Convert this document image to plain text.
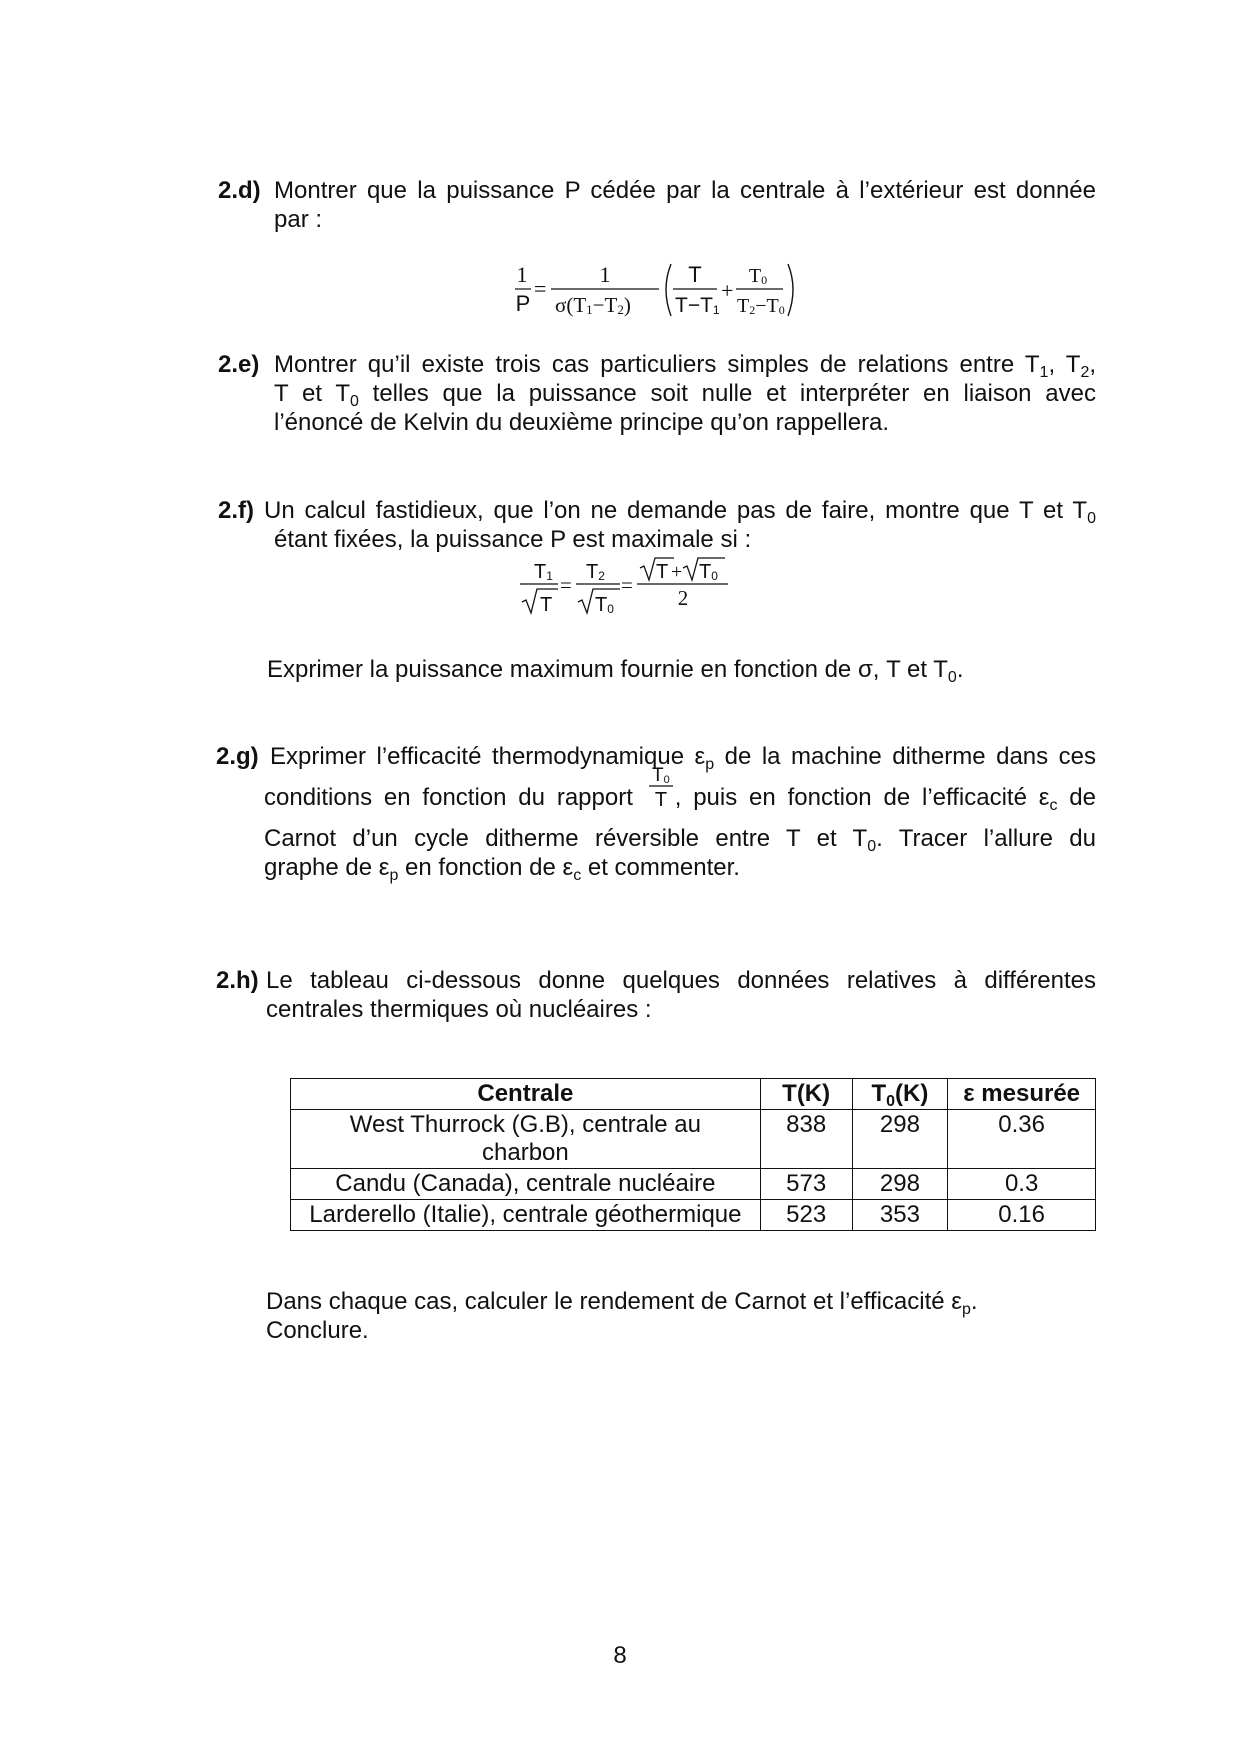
2.d) Montrer que la puissance P cédée par la centrale à l’extérieur est donnée
par :
1
P
=
1
σ(T1−T2)
T
T−T1
+
T0
T2−T0
2.e) Montrer qu’il existe trois cas particuliers simples de relations entre $T_1$, $T_2$,
T et $T_0$ telles que la puissance soit nulle et interpréter en liaison avec
l’énoncé de Kelvin du deuxième principe qu’on rappellera.
2.f) Un calcul fastidieux, que l’on ne demande pas de faire, montre que T et $T_0$
étant fixées, la puissance P est maximale si :
T1
T
=
T2
T0
=
T + T0
2
Exprimer la puissance maximum fournie en fonction de σ, T et $T_0$.
2.g) Exprimer l’efficacité thermodynamique $\varepsilon_p$ de la machine ditherme dans ces
conditions en fonction du rapport
T0
T , puis en fonction de l’efficacité $\varepsilon_c$ de
Carnot d’un cycle ditherme réversible entre T et $T_0$. Tracer l’allure du
graphe de $\varepsilon_p$ en fonction de $\varepsilon_c$ et commenter.
2.h) Le tableau ci-dessous donne quelques données relatives à différentes
centrales thermiques où nucléaires :
Centrale	T(K)	$T_0(K)$	ε mesurée
West Thurrock (G.B), centrale au
charbon	838	298	0.36
Candu (Canada), centrale nucléaire	573	298	0.3
Larderello (Italie), centrale géothermique	523	353	0.16
Dans chaque cas, calculer le rendement de Carnot et l’efficacité $\varepsilon_p$.
Conclure.
8
